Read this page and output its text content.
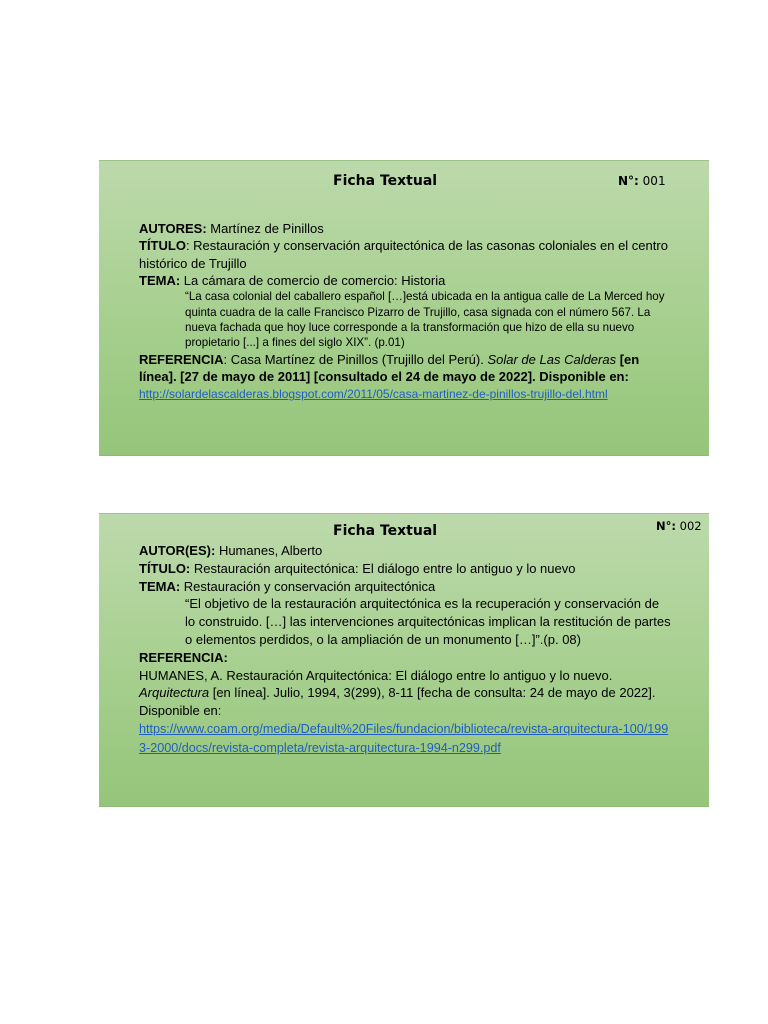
Ficha Textual	N°: 001
AUTORES: Martínez de Pinillos
TÍTULO: Restauración y conservación arquitectónica de las casonas coloniales en el centro histórico de Trujillo
TEMA: La cámara de comercio de comercio: Historia
“La casa colonial del caballero español […]está ubicada en la antigua calle de La Merced hoy quinta cuadra de la calle Francisco Pizarro de Trujillo, casa signada con el número 567. La nueva fachada que hoy luce corresponde a la transformación que hizo de ella su nuevo propietario [...] a fines del siglo XIX”. (p.01)
REFERENCIA: Casa Martínez de Pinillos (Trujillo del Perú). Solar de Las Calderas [en línea]. [27 de mayo de 2011] [consultado el 24 de mayo de 2022]. Disponible en:
http://solardelascalderas.blogspot.com/2011/05/casa-martinez-de-pinillos-trujillo-del.html
Ficha Textual	N°: 002
AUTOR(ES): Humanes, Alberto
TÍTULO: Restauración arquitectónica: El diálogo entre lo antiguo y lo nuevo
TEMA: Restauración y conservación arquitectónica
“El objetivo de la restauración arquitectónica es la recuperación y conservación de lo construido. […] las intervenciones arquitectónicas implican la restitución de partes o elementos perdidos, o la ampliación de un monumento […]”.(p. 08)
REFERENCIA:
HUMANES, A. Restauración Arquitectónica: El diálogo entre lo antiguo y lo nuevo. Arquitectura [en línea]. Julio, 1994, 3(299), 8-11 [fecha de consulta: 24 de mayo de 2022]. Disponible en:
https://www.coam.org/media/Default%20Files/fundacion/biblioteca/revista-arquitectura-100/1993-2000/docs/revista-completa/revista-arquitectura-1994-n299.pdf
